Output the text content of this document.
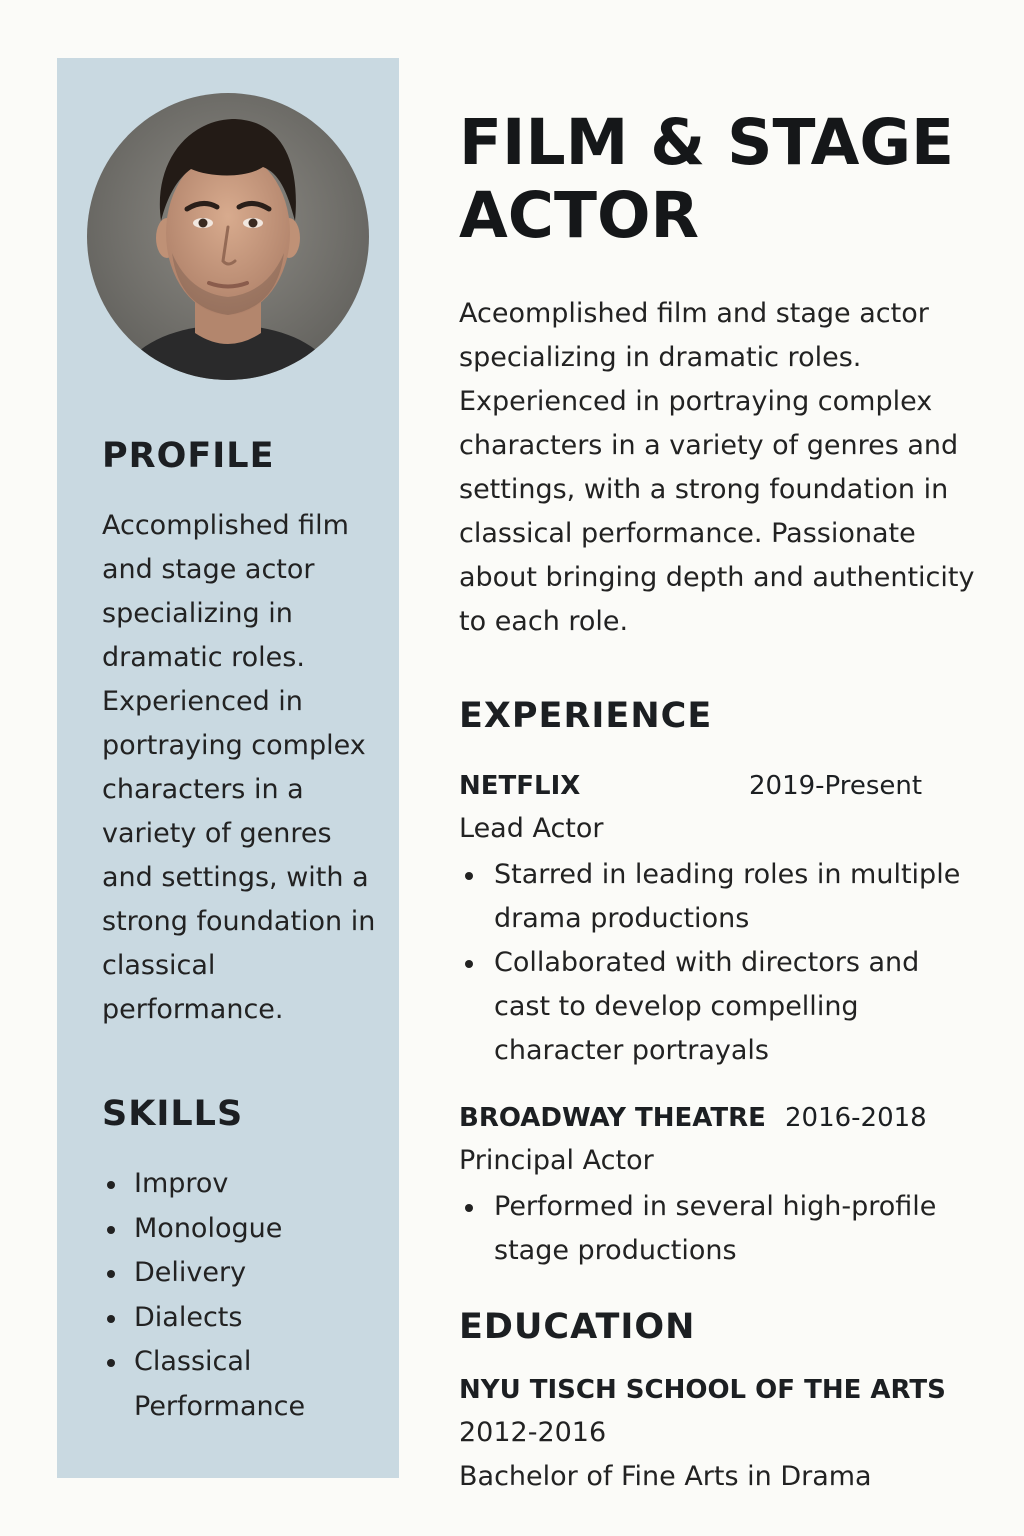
PROFILE

Accomplished film and stage actor specializing in dramatic roles. Experienced in portraying complex characters in a variety of genres and settings, with a strong foundation in classical performance.

SKILLS
Improv
Monologue
Delivery
Dialects
Classical Performance
FILM & STAGE ACTOR

Aceomplished film and stage actor specializing in dramatic roles. Experienced in portraying complex characters in a variety of genres and settings, with a strong foundation in classical performance. Passionate about bringing depth and authenticity to each role.

EXPERIENCE
NETFLIX	2019-Present
Lead Actor
Starred in leading roles in multiple drama productions
Collaborated with directors and cast to develop compelling character portrayals
BROADWAY THEATRE 2016-2018
Principal Actor
Performed in several high-profile stage productions
EDUCATION
NYU TISCH SCHOOL OF THE ARTS
2012-2016
Bachelor of Fine Arts in Drama
